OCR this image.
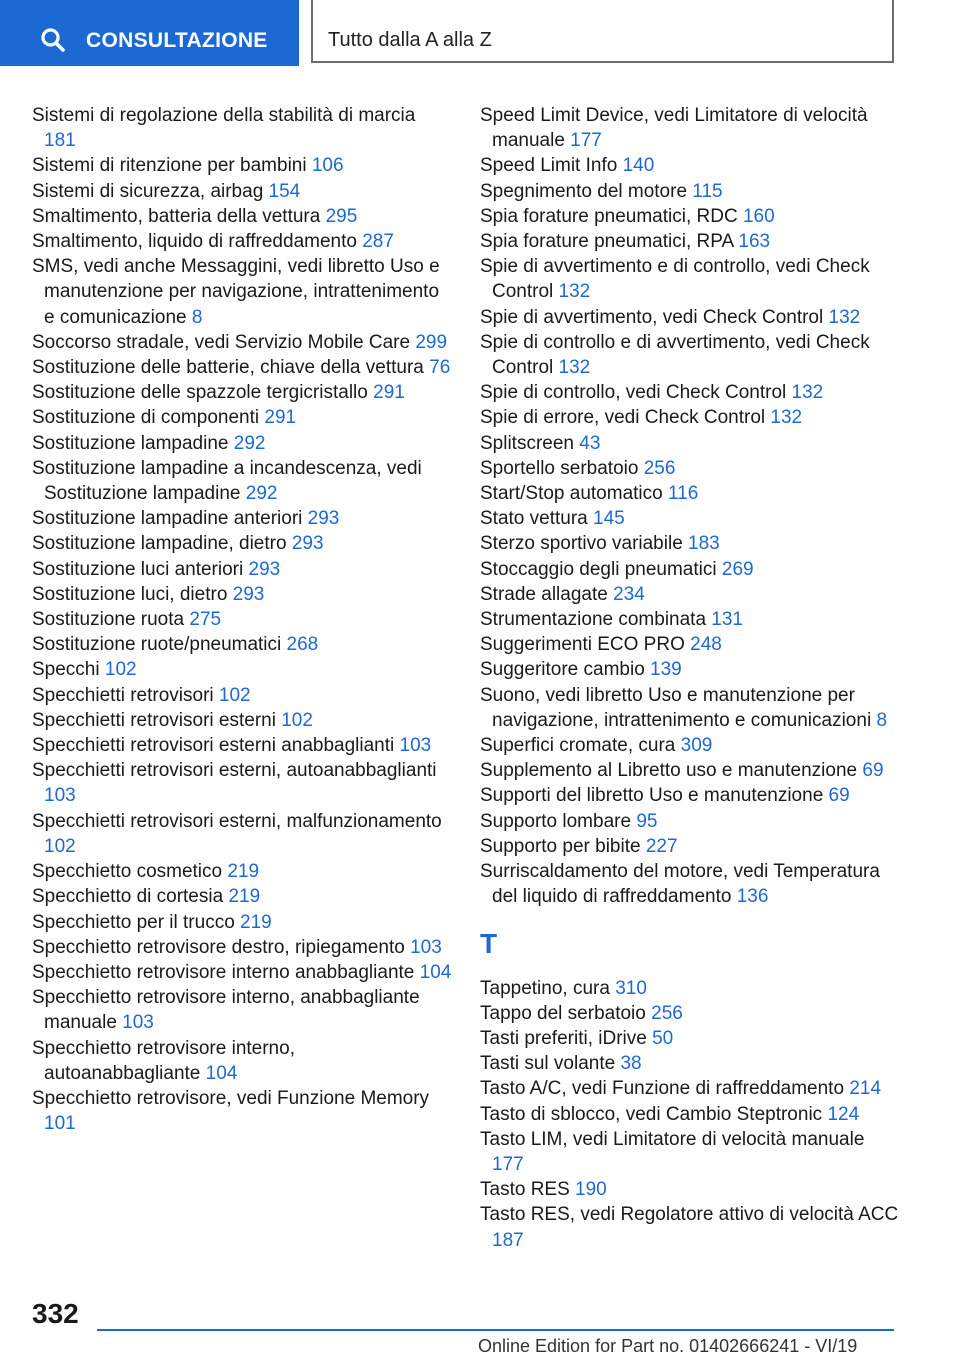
CONSULTAZIONE	Tutto dalla A alla Z

Sistemi di regolazione della stabilità di marcia 181

Sistemi di ritenzione per bambini 106

Sistemi di sicurezza, airbag 154

Smaltimento, batteria della vettura 295

Smaltimento, liquido di raffreddamento 287

SMS, vedi anche Messaggini, vedi libretto Uso e manutenzione per navigazione, intrattenimento e comunicazione 8

Soccorso stradale, vedi Servizio Mobile Care 299

Sostituzione delle batterie, chiave della vettura 76

Sostituzione delle spazzole tergicristallo 291

Sostituzione di componenti 291

Sostituzione lampadine 292

Sostituzione lampadine a incandescenza, vedi Sostituzione lampadine 292

Sostituzione lampadine anteriori 293

Sostituzione lampadine, dietro 293

Sostituzione luci anteriori 293

Sostituzione luci, dietro 293

Sostituzione ruota 275

Sostituzione ruote/pneumatici 268

Specchi 102

Specchietti retrovisori 102

Specchietti retrovisori esterni 102

Specchietti retrovisori esterni anabbaglianti 103

Specchietti retrovisori esterni, autoanabbaglianti 103

Specchietti retrovisori esterni, malfunzionamento 102

Specchietto cosmetico 219

Specchietto di cortesia 219

Specchietto per il trucco 219

Specchietto retrovisore destro, ripiegamento 103

Specchietto retrovisore interno anabbagliante 104

Specchietto retrovisore interno, anabbagliante manuale 103

Specchietto retrovisore interno, autoanabbagliante 104

Specchietto retrovisore, vedi Funzione Memory 101

Speed Limit Device, vedi Limitatore di velocità manuale 177

Speed Limit Info 140

Spegnimento del motore 115

Spia forature pneumatici, RDC 160

Spia forature pneumatici, RPA 163

Spie di avvertimento e di controllo, vedi Check Control 132

Spie di avvertimento, vedi Check Control 132

Spie di controllo e di avvertimento, vedi Check Control 132

Spie di controllo, vedi Check Control 132

Spie di errore, vedi Check Control 132

Splitscreen 43

Sportello serbatoio 256

Start/Stop automatico 116

Stato vettura 145

Sterzo sportivo variabile 183

Stoccaggio degli pneumatici 269

Strade allagate 234

Strumentazione combinata 131

Suggerimenti ECO PRO 248

Suggeritore cambio 139

Suono, vedi libretto Uso e manutenzione per navigazione, intrattenimento e comunicazioni 8

Superfici cromate, cura 309

Supplemento al Libretto uso e manutenzione 69

Supporti del libretto Uso e manutenzione 69

Supporto lombare 95

Supporto per bibite 227

Surriscaldamento del motore, vedi Temperatura del liquido di raffreddamento 136

T

Tappetino, cura 310

Tappo del serbatoio 256

Tasti preferiti, iDrive 50

Tasti sul volante 38

Tasto A/C, vedi Funzione di raffreddamento 214

Tasto di sblocco, vedi Cambio Steptronic 124

Tasto LIM, vedi Limitatore di velocità manuale 177

Tasto RES 190

Tasto RES, vedi Regolatore attivo di velocità ACC 187

332
Online Edition for Part no. 01402666241 - VI/19
